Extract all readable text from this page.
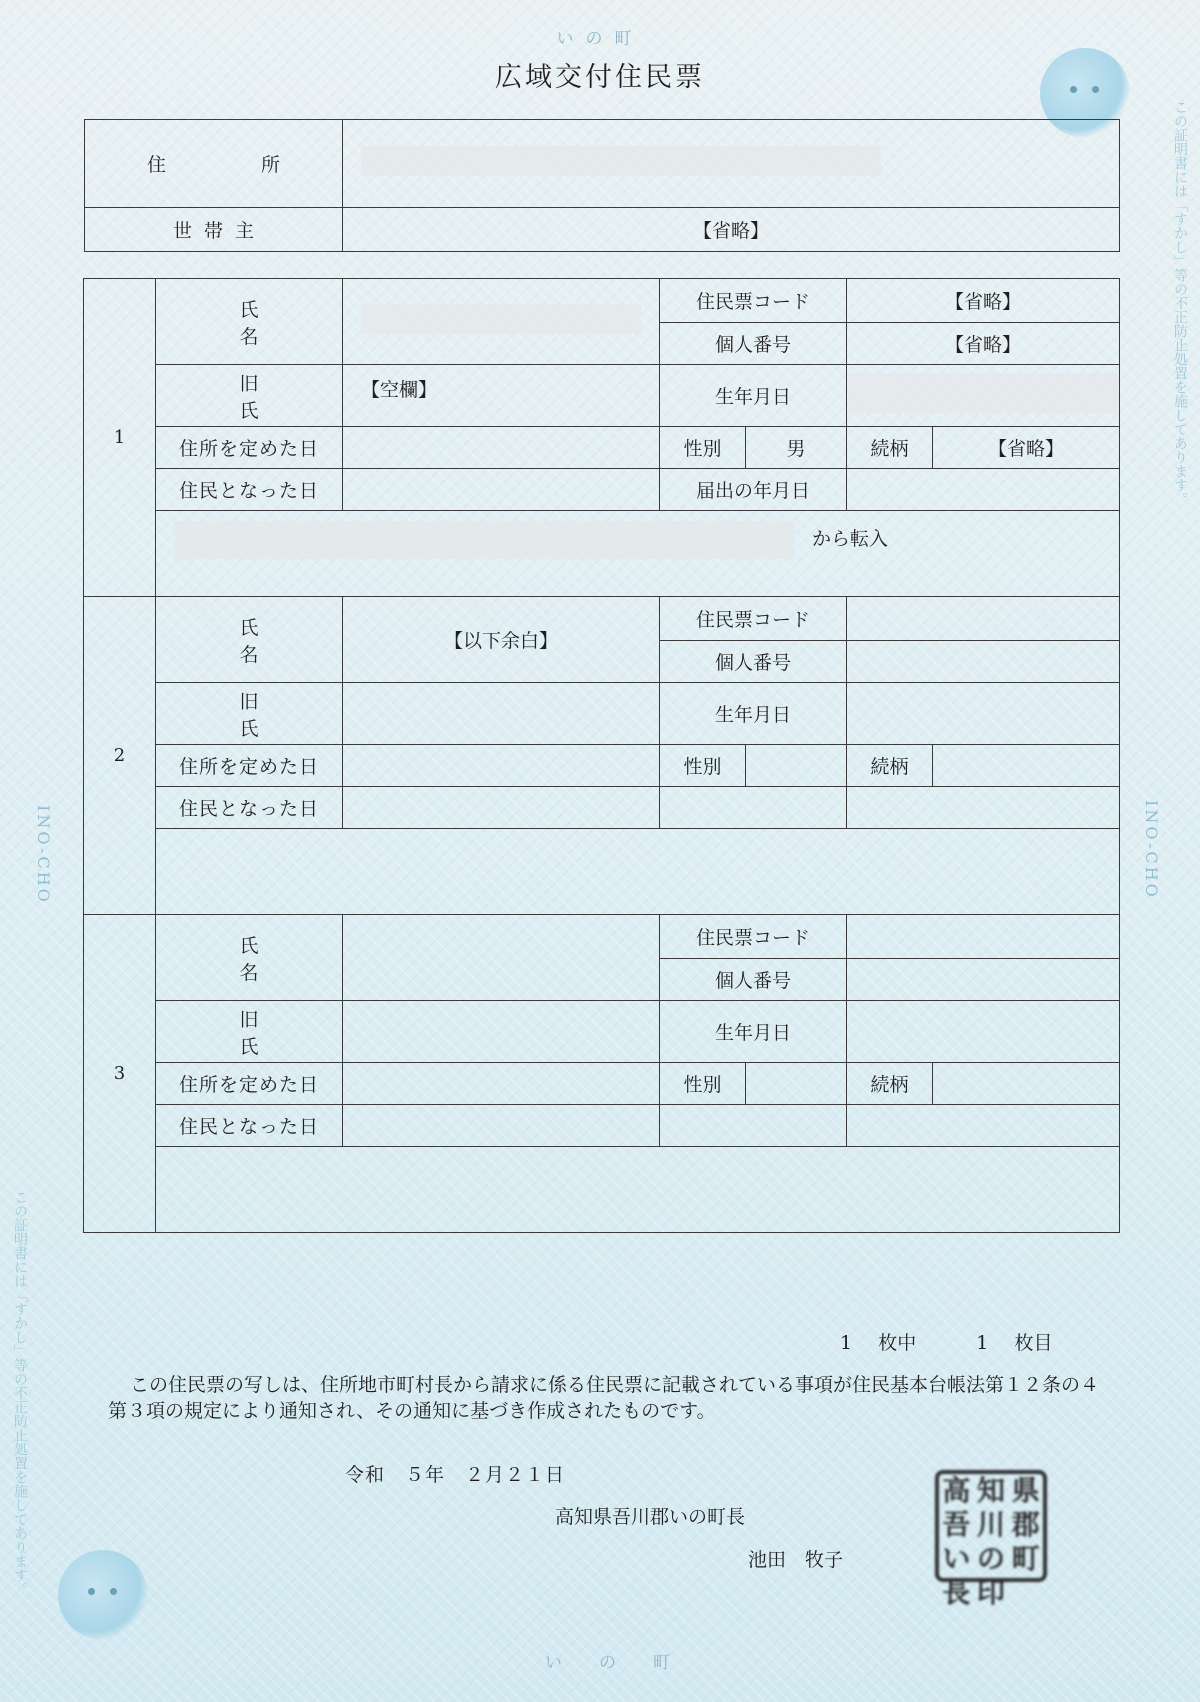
いの町
広域交付住民票
INO-CHO	INO-CHO
この証明書には「すかし」等の不正防止処置を施してあります。
この証明書には「すかし」等の不正防止処置を施してあります。
住　所	
世帯主	【省略】
1	氏　名		住民票コード		【省略】	
			個人番号		【省略】	
	旧　氏	【空欄】	生年月日			
	住所を定めた日		性別	男	続柄	【省略】
	住民となった日		届出の年月日			
	から転入					
2	氏　名	【以下余白】	住民票コード			
			個人番号			
	旧　氏		生年月日			
	住所を定めた日		性別		続柄	
	住民となった日					

3	氏　名		住民票コード			
			個人番号			
	旧　氏		生年月日			
	住所を定めた日		性別		続柄	
	住民となった日					

1 枚中	1 枚目
この住民票の写しは、住所地市町村長から請求に係る住民票に記載されている事項が住民基本台帳法第１２条の４第３項の規定により通知され、その通知に基づき作成されたものです。
令和　５年　２月２１日
高知県吾川郡いの町長
池田　牧子
高 知 県
吾 川 郡
い の 町
長 印
い　の　町
